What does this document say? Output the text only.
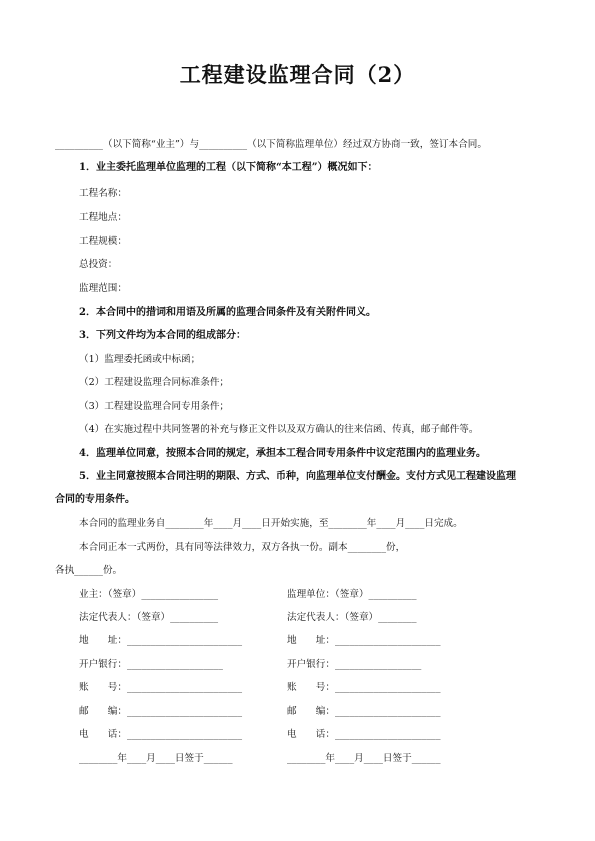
工程建设监理合同（2）
__________（以下简称“业主”）与__________（以下简称监理单位）经过双方协商一致，签订本合同。
1．业主委托监理单位监理的工程（以下简称“本工程”）概况如下：
工程名称：
工程地点：
工程规模：
总投资：
监理范围：
2．本合同中的措词和用语及所属的监理合同条件及有关附件同义。
3．下列文件均为本合同的组成部分：
（1）监理委托函或中标函；
（2）工程建设监理合同标准条件；
（3）工程建设监理合同专用条件；
（4）在实施过程中共同签署的补充与修正文件以及双方确认的往来信函、传真，邮子邮件等。
4．监理单位同意，按照本合同的规定，承担本工程合同专用条件中议定范围内的监理业务。
5．业主同意按照本合同注明的期限、方式、币种，向监理单位支付酬金。支付方式见工程建设监理
合同的专用条件。
本合同的监理业务自________年____月____日开始实施，至________年____月____日完成。
本合同正本一式两份，具有同等法律效力，双方各执一份。副本________份，
各执______份。
业主：（签章）________________
法定代表人：（签章）__________
地　　址：________________________
开户银行：____________________
账　　号：________________________
邮　　编：________________________
电　　话：________________________
________年____月____日签于______
监理单位：（签章）__________
法定代表人：（签章）________
地　　址：______________________
开户银行：__________________
账　　号：______________________
邮　　编：______________________
电　　话：______________________
________年____月____日签于______
